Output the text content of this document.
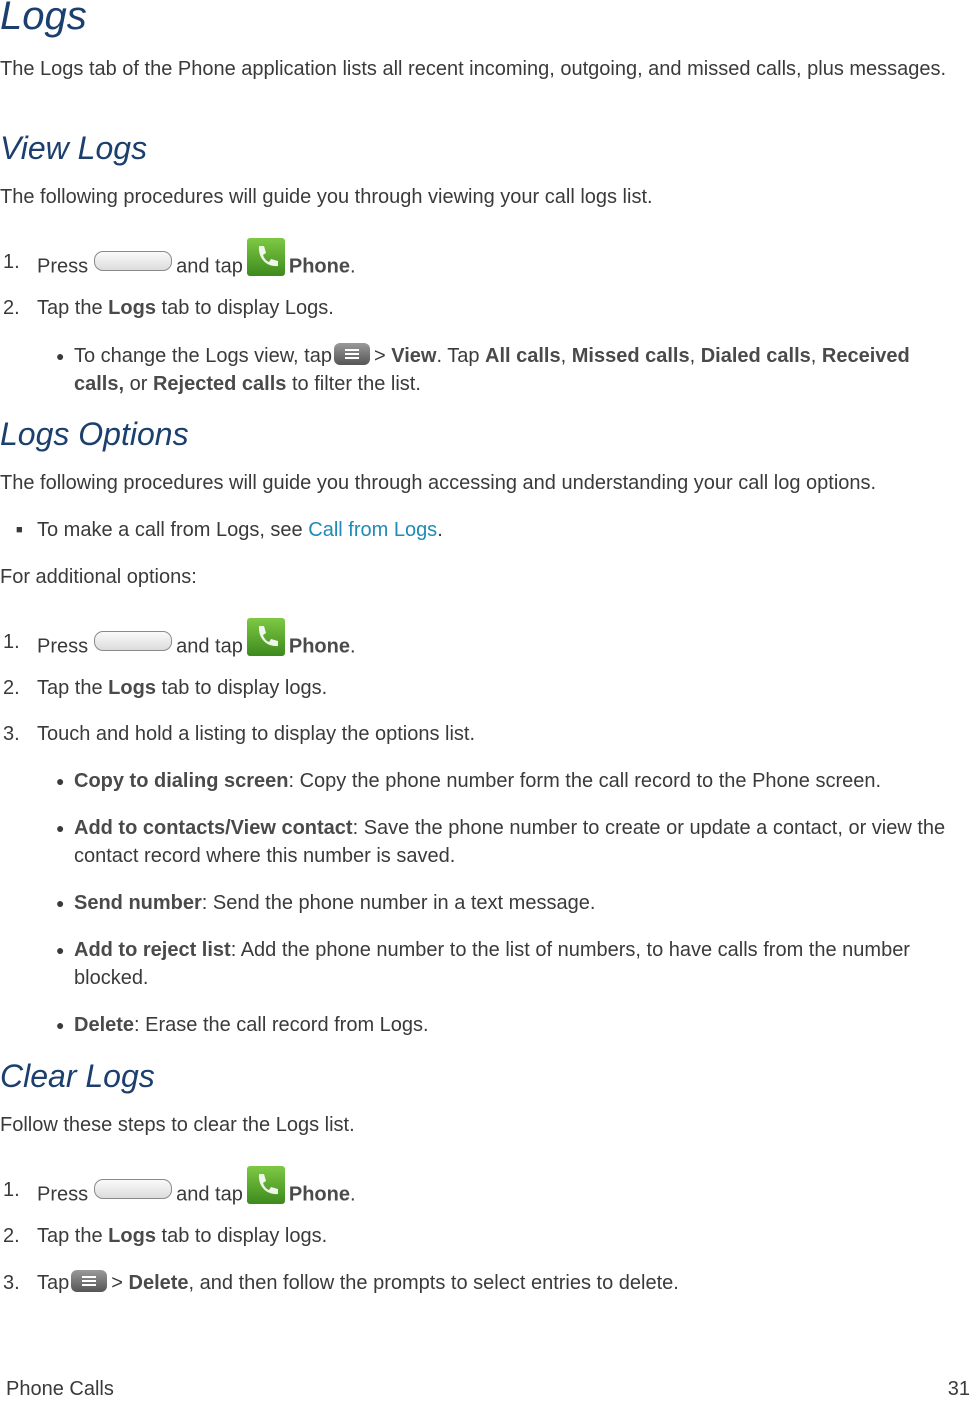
Logs

The Logs tab of the Phone application lists all recent incoming, outgoing, and missed calls, plus messages.

View Logs

The following procedures will guide you through viewing your call logs list.

1. Press	and tap Phone.
2. Tap the Logs tab to display Logs.
● To change the Logs view, tap > View. Tap All calls, Missed calls, Dialed calls, Received calls, or Rejected calls to filter the list.
Logs Options

The following procedures will guide you through accessing and understanding your call log options.

■ To make a call from Logs, see Call from Logs.

For additional options:

1. Press	and tap Phone.
2. Tap the Logs tab to display logs.
3. Touch and hold a listing to display the options list.
● Copy to dialing screen: Copy the phone number form the call record to the Phone screen.
● Add to contacts/View contact: Save the phone number to create or update a contact, or view the contact record where this number is saved.
● Send number: Send the phone number in a text message.
● Add to reject list: Add the phone number to the list of numbers, to have calls from the number blocked.
● Delete: Erase the call record from Logs.
Clear Logs

Follow these steps to clear the Logs list.

1. Press	and tap Phone.
2. Tap the Logs tab to display logs.
3. Tap > Delete, and then follow the prompts to select entries to delete.
Phone Calls	31
